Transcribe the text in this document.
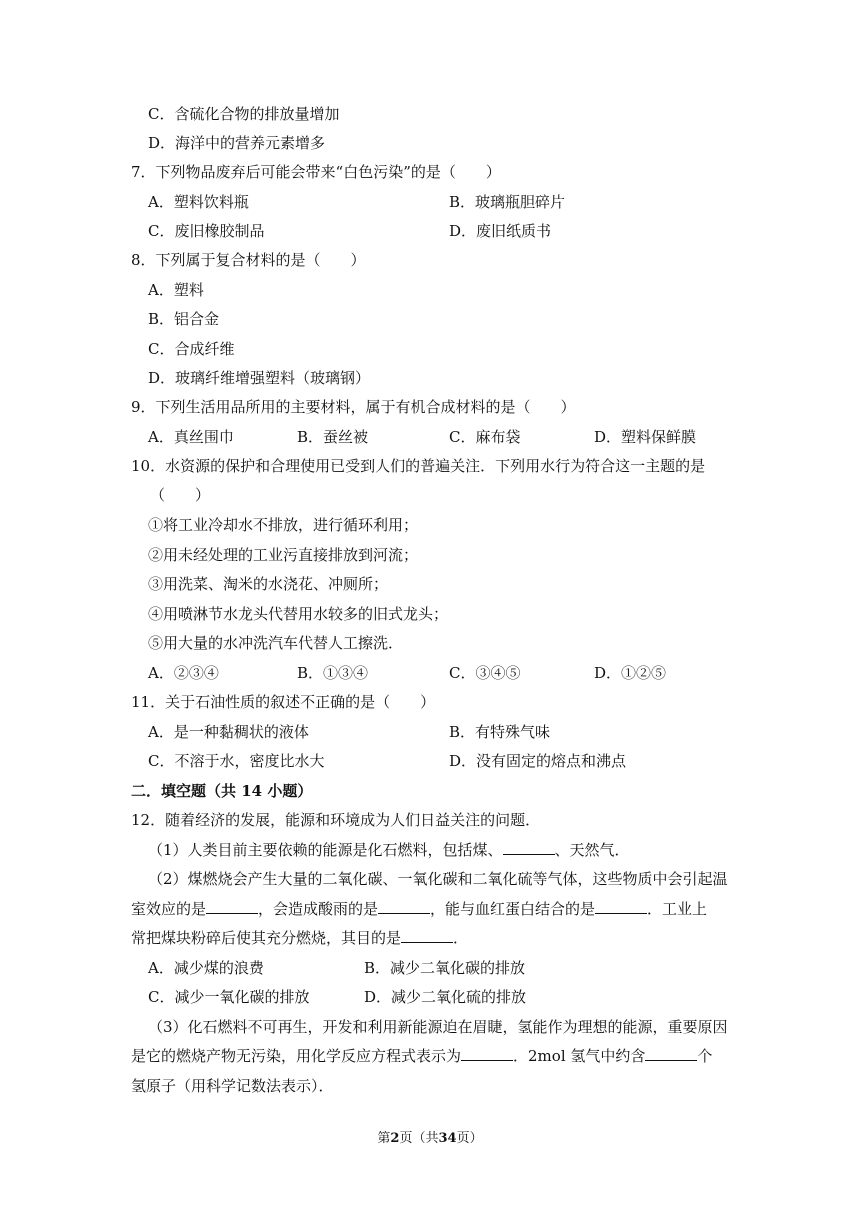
C．含硫化合物的排放量增加
D．海洋中的营养元素增多
7．下列物品废弃后可能会带来“白色污染”的是（　　）
A．塑料饮料瓶	B．玻璃瓶胆碎片
C．废旧橡胶制品	D．废旧纸质书
8．下列属于复合材料的是（　　）
A．塑料
B．铝合金
C．合成纤维
D．玻璃纤维增强塑料（玻璃钢）
9．下列生活用品所用的主要材料，属于有机合成材料的是（　　）
A．真丝围巾	B．蚕丝被	C．麻布袋	D．塑料保鲜膜
10．水资源的保护和合理使用已受到人们的普遍关注．下列用水行为符合这一主题的是
（　　）
①将工业冷却水不排放，进行循环利用；
②用未经处理的工业污直接排放到河流；
③用洗菜、淘米的水浇花、冲厕所；
④用喷淋节水龙头代替用水较多的旧式龙头；
⑤用大量的水冲洗汽车代替人工擦洗．
A．②③④	B．①③④	C．③④⑤	D．①②⑤
11．关于石油性质的叙述不正确的是（　　）
A．是一种黏稠状的液体	B．有特殊气味
C．不溶于水，密度比水大	D．没有固定的熔点和沸点
二．填空题（共 14 小题）
12．随着经济的发展，能源和环境成为人们日益关注的问题．
（1）人类目前主要依赖的能源是化石燃料，包括煤、	、天然气．
（2）煤燃烧会产生大量的二氧化碳、一氧化碳和二氧化硫等气体，这些物质中会引起温
室效应的是	，会造成酸雨的是	，能与血红蛋白结合的是	．工业上
常把煤块粉碎后使其充分燃烧，其目的是	．
A．减少煤的浪费	B．减少二氧化碳的排放
C．减少一氧化碳的排放	D．减少二氧化硫的排放
（3）化石燃料不可再生，开发和利用新能源迫在眉睫，氢能作为理想的能源，重要原因
是它的燃烧产物无污染，用化学反应方程式表示为	．2mol 氢气中约含	个
氢原子（用科学记数法表示）．
第2页（共34页）
